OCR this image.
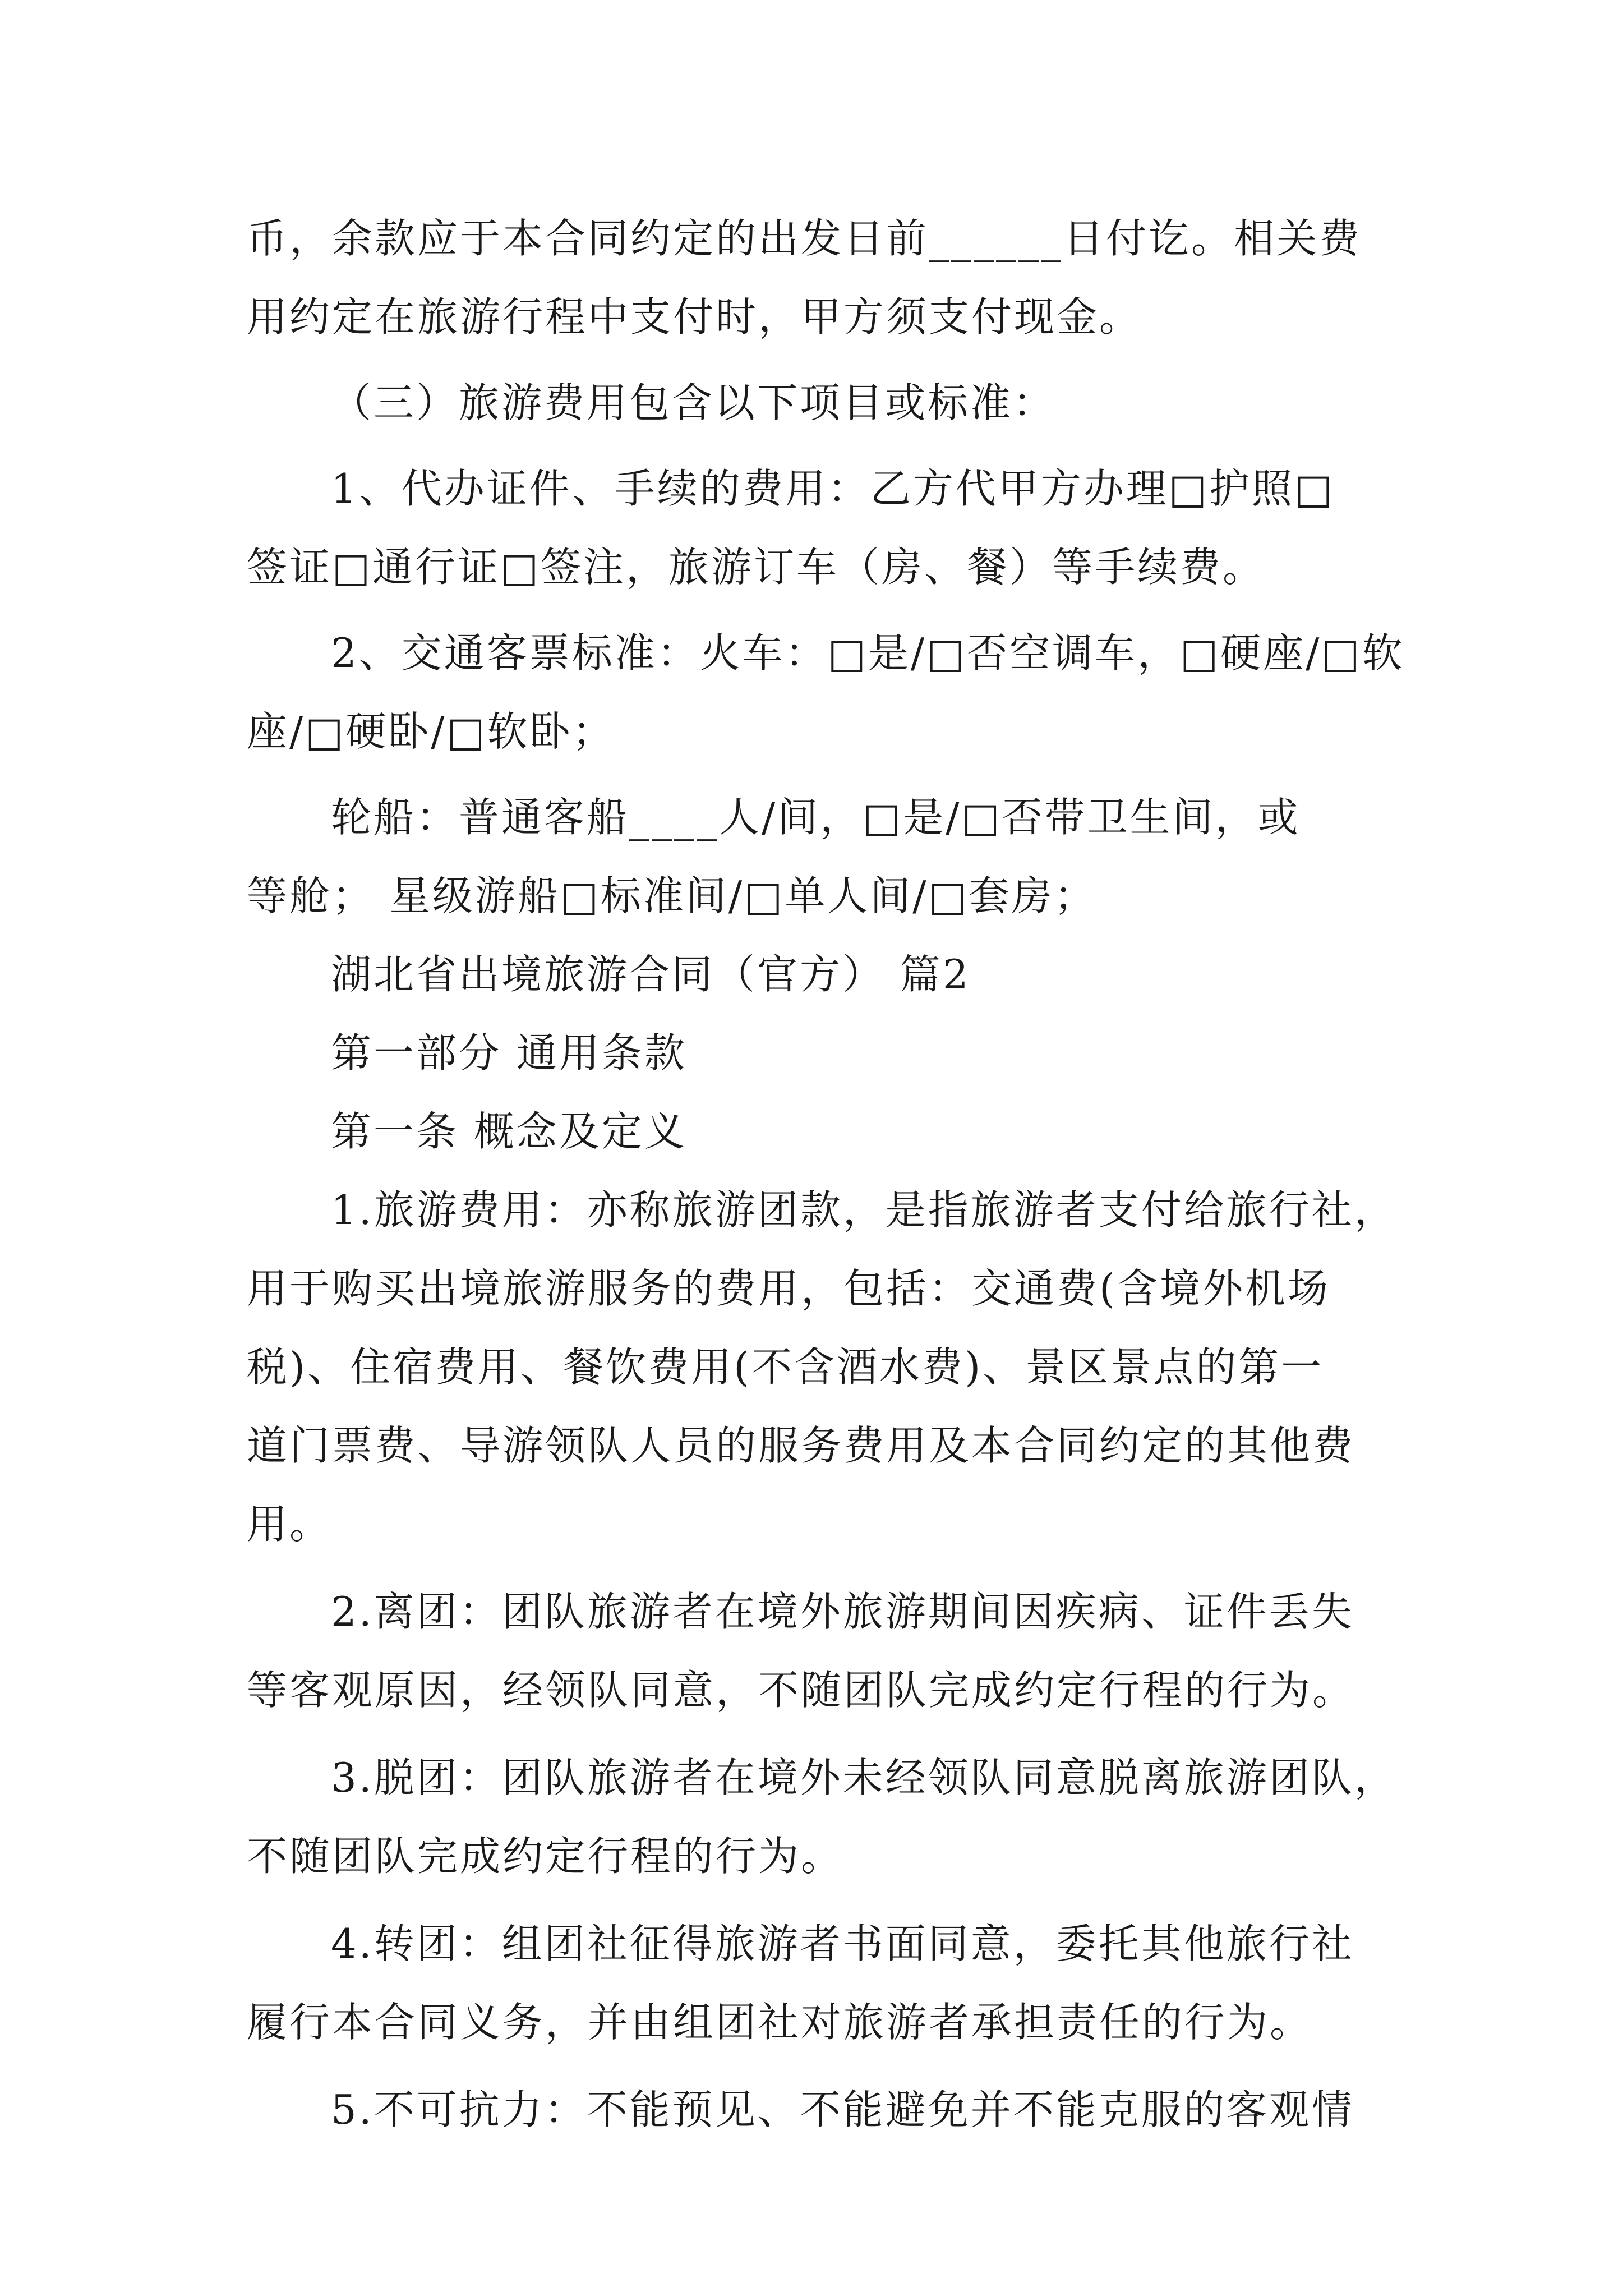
币，余款应于本合同约定的出发日前______日付讫。相关费
用约定在旅游行程中支付时，甲方须支付现金。
（三）旅游费用包含以下项目或标准：
1、代办证件、手续的费用：乙方代甲方办理□护照□
签证□通行证□签注，旅游订车（房、餐）等手续费。
2、交通客票标准：火车：□是/□否空调车，□硬座/□软
座/□硬卧/□软卧；
轮船：普通客船____人/间，□是/□否带卫生间，或
等舱； 星级游船□标准间/□单人间/□套房；
湖北省出境旅游合同（官方） 篇2
第一部分 通用条款
第一条 概念及定义
1.旅游费用：亦称旅游团款，是指旅游者支付给旅行社，
用于购买出境旅游服务的费用，包括：交通费(含境外机场
税)、住宿费用、餐饮费用(不含酒水费)、景区景点的第一
道门票费、导游领队人员的服务费用及本合同约定的其他费
用。
2.离团：团队旅游者在境外旅游期间因疾病、证件丢失
等客观原因，经领队同意，不随团队完成约定行程的行为。
3.脱团：团队旅游者在境外未经领队同意脱离旅游团队，
不随团队完成约定行程的行为。
4.转团：组团社征得旅游者书面同意，委托其他旅行社
履行本合同义务，并由组团社对旅游者承担责任的行为。
5.不可抗力：不能预见、不能避免并不能克服的客观情
